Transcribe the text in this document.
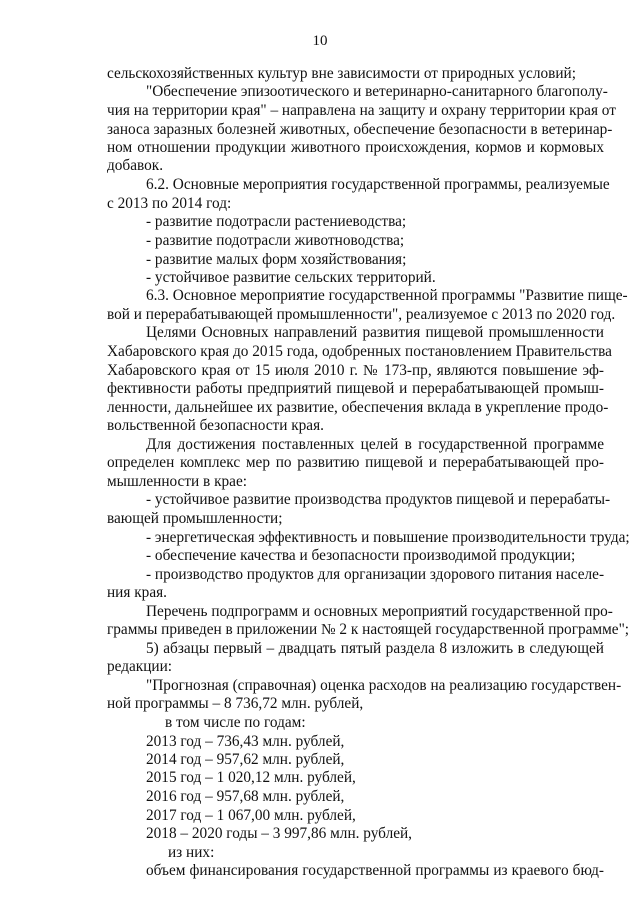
10
сельскохозяйственных культур вне зависимости от природных условий;
"Обеспечение эпизоотического и ветеринарно-санитарного благополу-
чия на территории края" – направлена на защиту и охрану территории края от
заноса заразных болезней животных, обеспечение безопасности в ветеринар-
ном отношении продукции животного происхождения, кормов и кормовых
добавок.
6.2. Основные мероприятия государственной программы, реализуемые
с 2013 по 2014 год:
- развитие подотрасли растениеводства;
- развитие подотрасли животноводства;
- развитие малых форм хозяйствования;
- устойчивое развитие сельских территорий.
6.3. Основное мероприятие государственной программы "Развитие пище-
вой и перерабатывающей промышленности", реализуемое с 2013 по 2020 год.
Целями Основных направлений развития пищевой промышленности
Хабаровского края до 2015 года, одобренных постановлением Правительства
Хабаровского края от 15 июля 2010 г. № 173-пр, являются повышение эф-
фективности работы предприятий пищевой и перерабатывающей промыш-
ленности, дальнейшее их развитие, обеспечения вклада в укрепление продо-
вольственной безопасности края.
Для достижения поставленных целей в государственной программе
определен комплекс мер по развитию пищевой и перерабатывающей про-
мышленности в крае:
- устойчивое развитие производства продуктов пищевой и перерабаты-
вающей промышленности;
- энергетическая эффективность и повышение производительности труда;
- обеспечение качества и безопасности производимой продукции;
- производство продуктов для организации здорового питания населе-
ния края.
Перечень подпрограмм и основных мероприятий государственной про-
граммы приведен в приложении № 2 к настоящей государственной программе";
5) абзацы первый – двадцать пятый раздела 8 изложить в следующей
редакции:
"Прогнозная (справочная) оценка расходов на реализацию государствен-
ной программы – 8 736,72 млн. рублей,
в том числе по годам:
2013 год – 736,43 млн. рублей,
2014 год – 957,62 млн. рублей,
2015 год – 1 020,12 млн. рублей,
2016 год – 957,68 млн. рублей,
2017 год – 1 067,00 млн. рублей,
2018 – 2020 годы – 3 997,86 млн. рублей,
из них:
объем финансирования государственной программы из краевого бюд-
